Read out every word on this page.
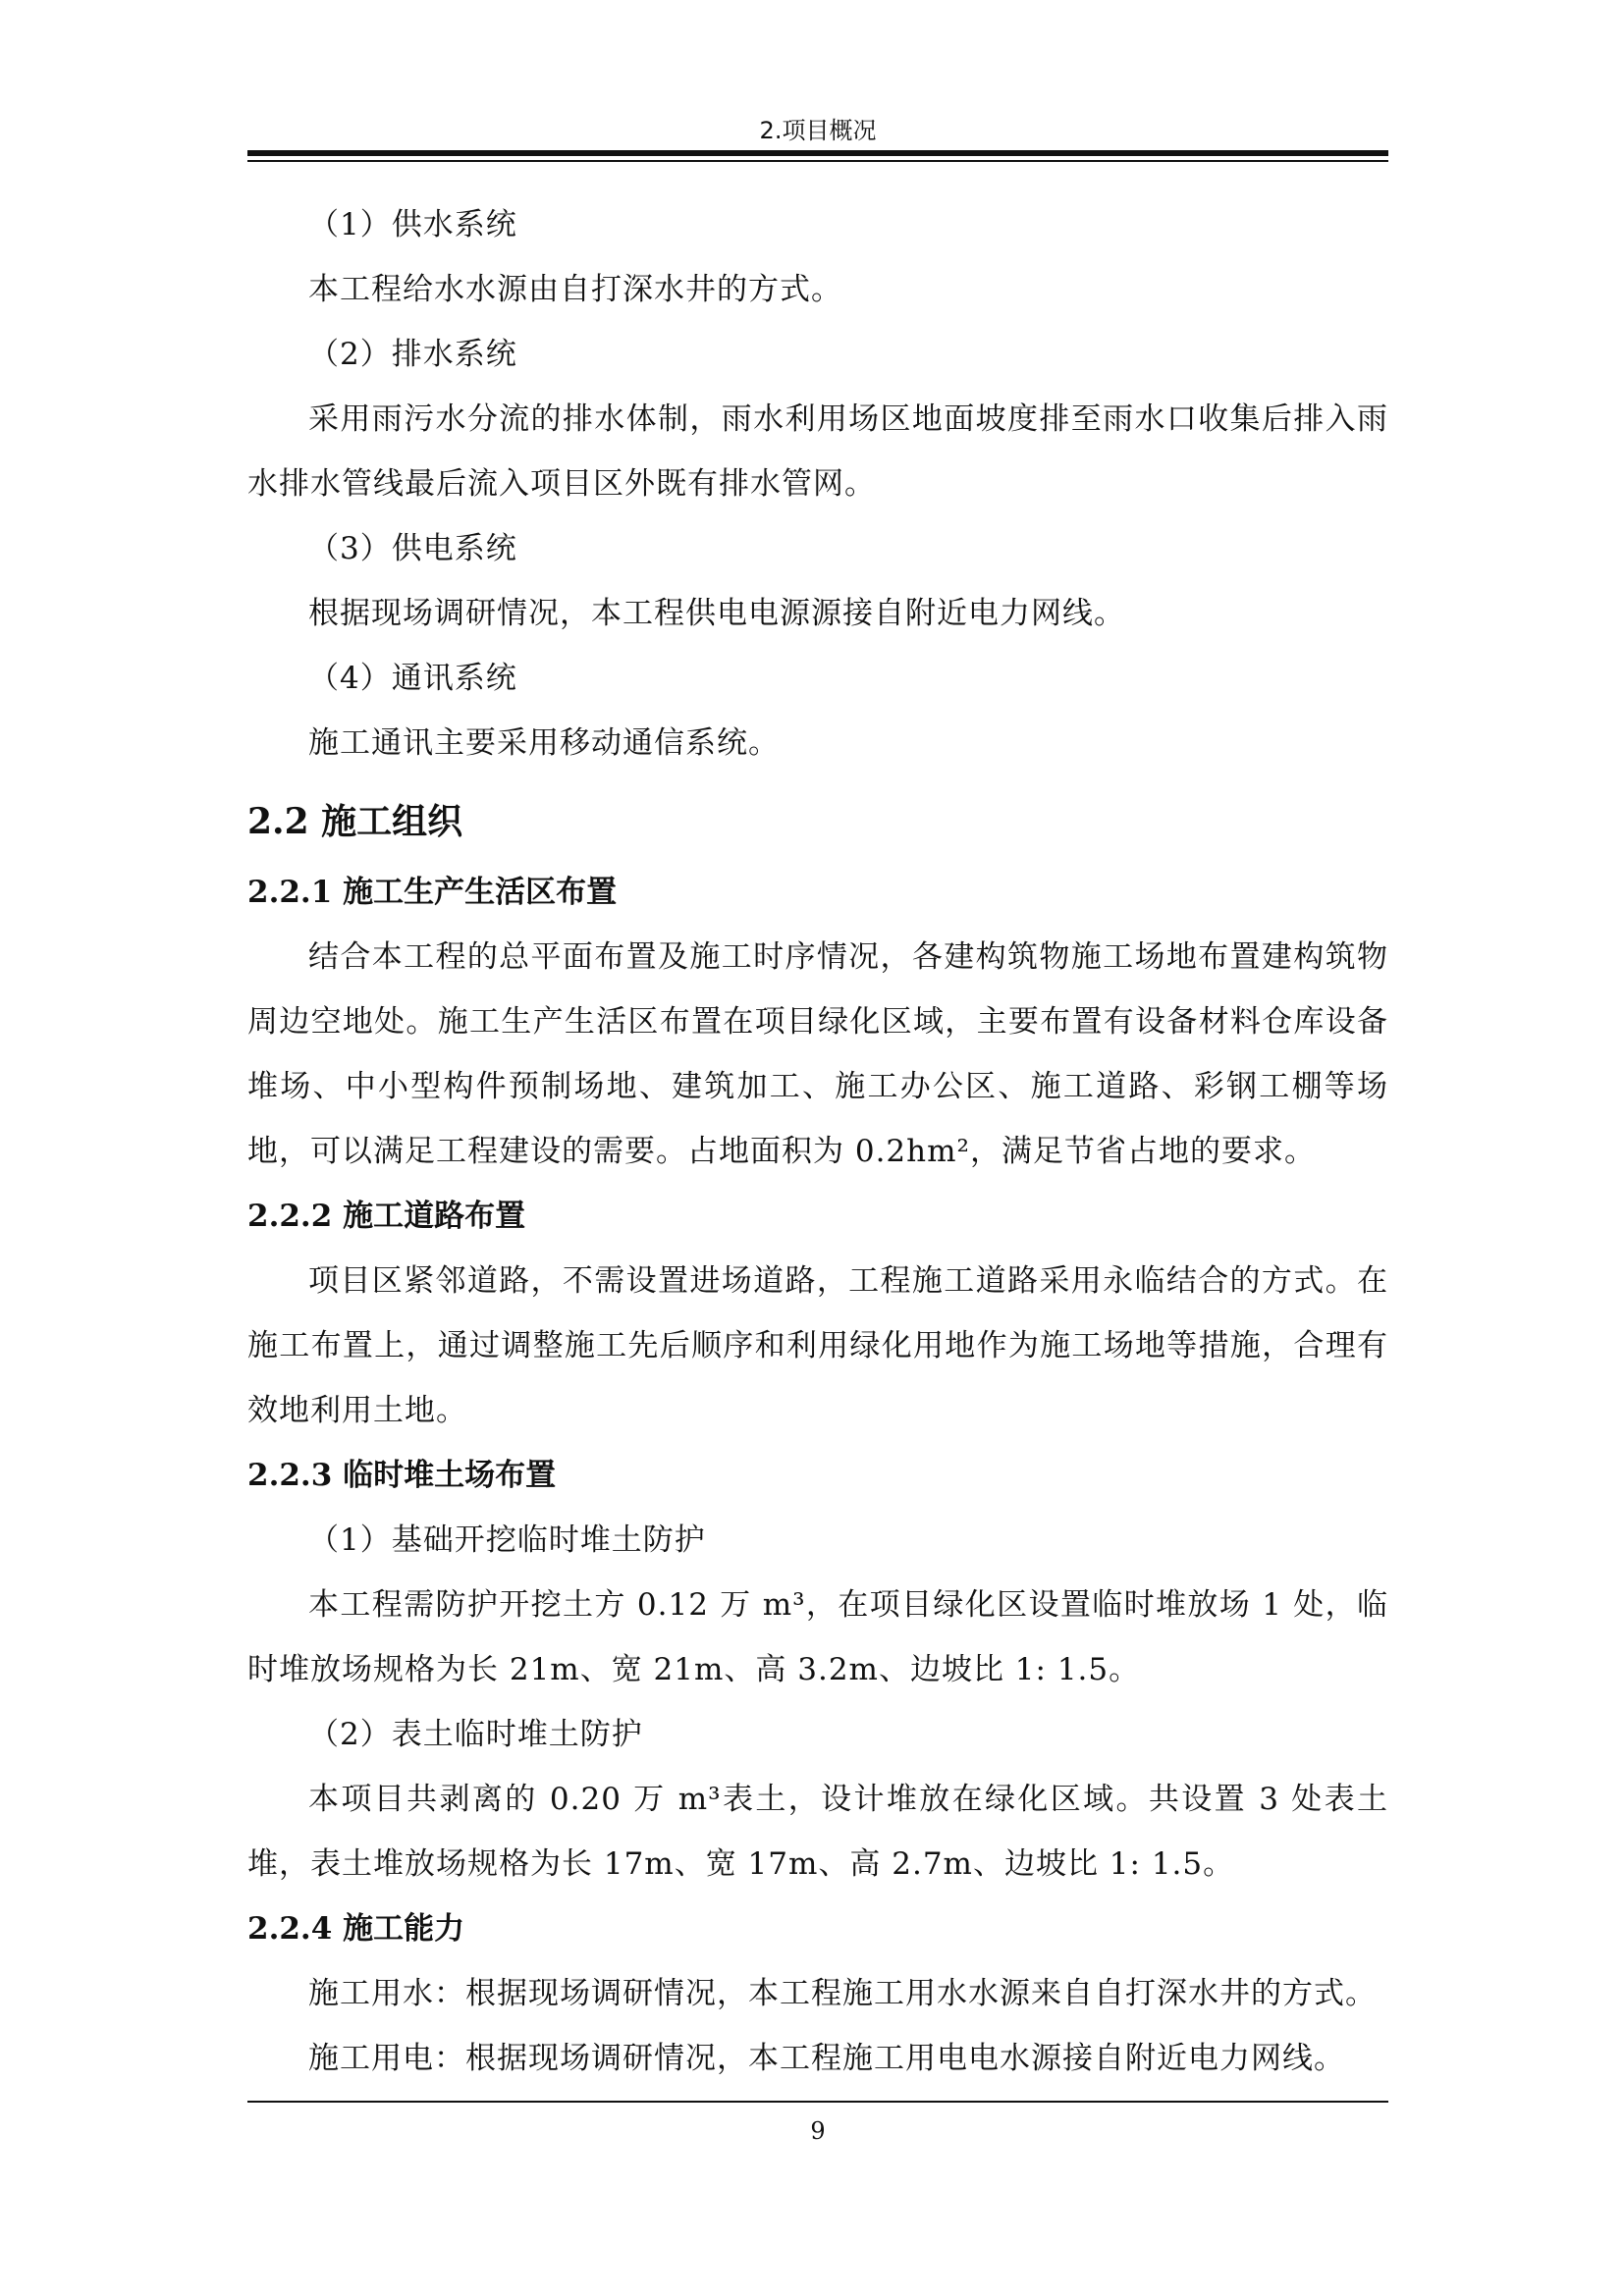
2.项目概况

（1）供水系统

本工程给水水源由自打深水井的方式。

（2）排水系统

采用雨污水分流的排水体制，雨水利用场区地面坡度排至雨水口收集后排入雨水排水管线最后流入项目区外既有排水管网。

（3）供电系统

根据现场调研情况，本工程供电电源源接自附近电力网线。

（4）通讯系统

施工通讯主要采用移动通信系统。

2.2 施工组织
2.2.1 施工生产生活区布置

结合本工程的总平面布置及施工时序情况，各建构筑物施工场地布置建构筑物周边空地处。施工生产生活区布置在项目绿化区域，主要布置有设备材料仓库设备堆场、中小型构件预制场地、建筑加工、施工办公区、施工道路、彩钢工棚等场地，可以满足工程建设的需要。占地面积为 0.2hm²，满足节省占地的要求。

2.2.2 施工道路布置

项目区紧邻道路，不需设置进场道路，工程施工道路采用永临结合的方式。在施工布置上，通过调整施工先后顺序和利用绿化用地作为施工场地等措施，合理有效地利用土地。

2.2.3 临时堆土场布置

（1）基础开挖临时堆土防护

本工程需防护开挖土方 0.12 万 m³，在项目绿化区设置临时堆放场 1 处，临时堆放场规格为长 21m、宽 21m、高 3.2m、边坡比 1: 1.5。

（2）表土临时堆土防护

本项目共剥离的 0.20 万 m³表土，设计堆放在绿化区域。共设置 3 处表土堆，表土堆放场规格为长 17m、宽 17m、高 2.7m、边坡比 1: 1.5。

2.2.4 施工能力

施工用水：根据现场调研情况，本工程施工用水水源来自自打深水井的方式。

施工用电：根据现场调研情况，本工程施工用电电水源接自附近电力网线。

9
